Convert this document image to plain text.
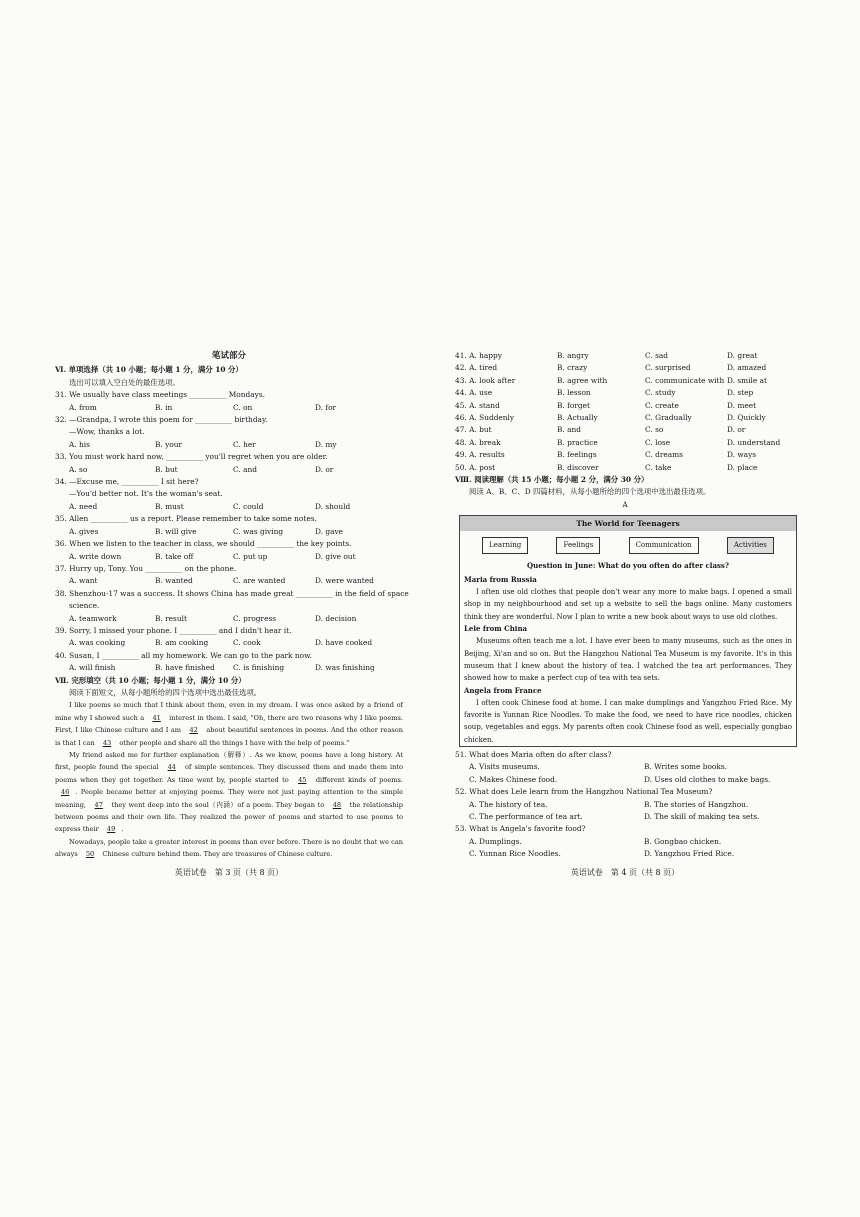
笔试部分
Ⅵ. 单项选择（共 10 小题；每小题 1 分，满分 10 分）
选出可以填入空白处的最佳选项。
31. We usually have class meetings __________ Mondays.
A. from	B. in	C. on	D. for
32. —Grandpa, I wrote this poem for __________ birthday.
—Wow, thanks a lot.
A. his	B. your	C. her	D. my
33. You must work hard now, __________ you'll regret when you are older.
A. so	B. but	C. and	D. or
34. —Excuse me, __________ I sit here?
—You'd better not. It's the woman's seat.
A. need	B. must	C. could	D. should
35. Allen __________ us a report. Please remember to take some notes.
A. gives	B. will give	C. was giving	D. gave
36. When we listen to the teacher in class, we should __________ the key points.
A. write down	B. take off	C. put up	D. give out
37. Hurry up, Tony. You __________ on the phone.
A. want	B. wanted	C. are wanted	D. were wanted
38. Shenzhou-17 was a success. It shows China has made great __________ in the field of space
science.
A. teamwork	B. result	C. progress	D. decision
39. Sorry, I missed your phone. I __________ and I didn't hear it.
A. was cooking	B. am cooking	C. cook	D. have cooked
40. Susan, I __________ all my homework. We can go to the park now.
A. will finish	B. have finished	C. is finishing	D. was finishing
Ⅶ. 完形填空（共 10 小题；每小题 1 分，满分 10 分）
阅读下面短文，从每小题所给的四个选项中选出最佳选项。
I like poems so much that I think about them, even in my dream. I was once asked by a friend of mine why I showed such a 41 interest in them. I said, "Oh, there are two reasons why I like poems. First, I like Chinese culture and I am 42 about beautiful sentences in poems. And the other reason is that I can 43 other people and share all the things I have with the help of poems."
My friend asked me for further explanation（解释）. As we know, poems have a long history. At first, people found the special 44 of simple sentences. They discussed them and made them into poems when they got together. As time went by, people started to 45 different kinds of poems. 46 . People became better at enjoying poems. They were not just paying attention to the simple meaning, 47 they went deep into the soul（内涵）of a poem. They began to 48 the relationship between poems and their own life. They realized the power of poems and started to use poems to express their 49 .
Nowadays, people take a greater interest in poems than ever before. There is no doubt that we can always 50 Chinese culture behind them. They are treasures of Chinese culture.
英语试卷　第 3 页（共 8 页）
41. A. happy	B. angry	C. sad	D. great
42. A. tired	B. crazy	C. surprised	D. amazed
43. A. look after	B. agree with	C. communicate with D. smile at
44. A. use	B. lesson	C. study	D. step
45. A. stand	B. forget	C. create	D. meet
46. A. Suddenly	B. Actually	C. Gradually	D. Quickly
47. A. but	B. and	C. so	D. or
48. A. break	B. practice	C. lose	D. understand
49. A. results	B. feelings	C. dreams	D. ways
50. A. post	B. discover	C. take	D. place
Ⅷ. 阅读理解（共 15 小题；每小题 2 分，满分 30 分）
阅读 A、B、C、D 四篇材料，从每小题所给的四个选项中选出最佳选项。
A
The World for Teenagers
Learning	Feelings	Communication	Activities
Question in June: What do you often do after class?
Maria from Russia
I often use old clothes that people don't wear any more to make bags. I opened a small shop in my neighbourhood and set up a website to sell the bags online. Many customers think they are wonderful. Now I plan to write a new book about ways to use old clothes.
Lele from China
Museums often teach me a lot. I have ever been to many museums, such as the ones in Beijing, Xi'an and so on. But the Hangzhou National Tea Museum is my favorite. It's in this museum that I knew about the history of tea. I watched the tea art performances. They showed how to make a perfect cup of tea with tea sets.
Angela from France
I often cook Chinese food at home. I can make dumplings and Yangzhou Fried Rice. My favorite is Yunnan Rice Noodles. To make the food, we need to have rice noodles, chicken soup, vegetables and eggs. My parents often cook Chinese food as well, especially gongbao chicken.
51. What does Maria often do after class?
A. Visits museums.	B. Writes some books.
C. Makes Chinese food.	D. Uses old clothes to make bags.
52. What does Lele learn from the Hangzhou National Tea Museum?
A. The history of tea.	B. The stories of Hangzhou.
C. The performance of tea art.	D. The skill of making tea sets.
53. What is Angela's favorite food?
A. Dumplings.	B. Gongbao chicken.
C. Yunnan Rice Noodles.	D. Yangzhou Fried Rice.
英语试卷　第 4 页（共 8 页）
